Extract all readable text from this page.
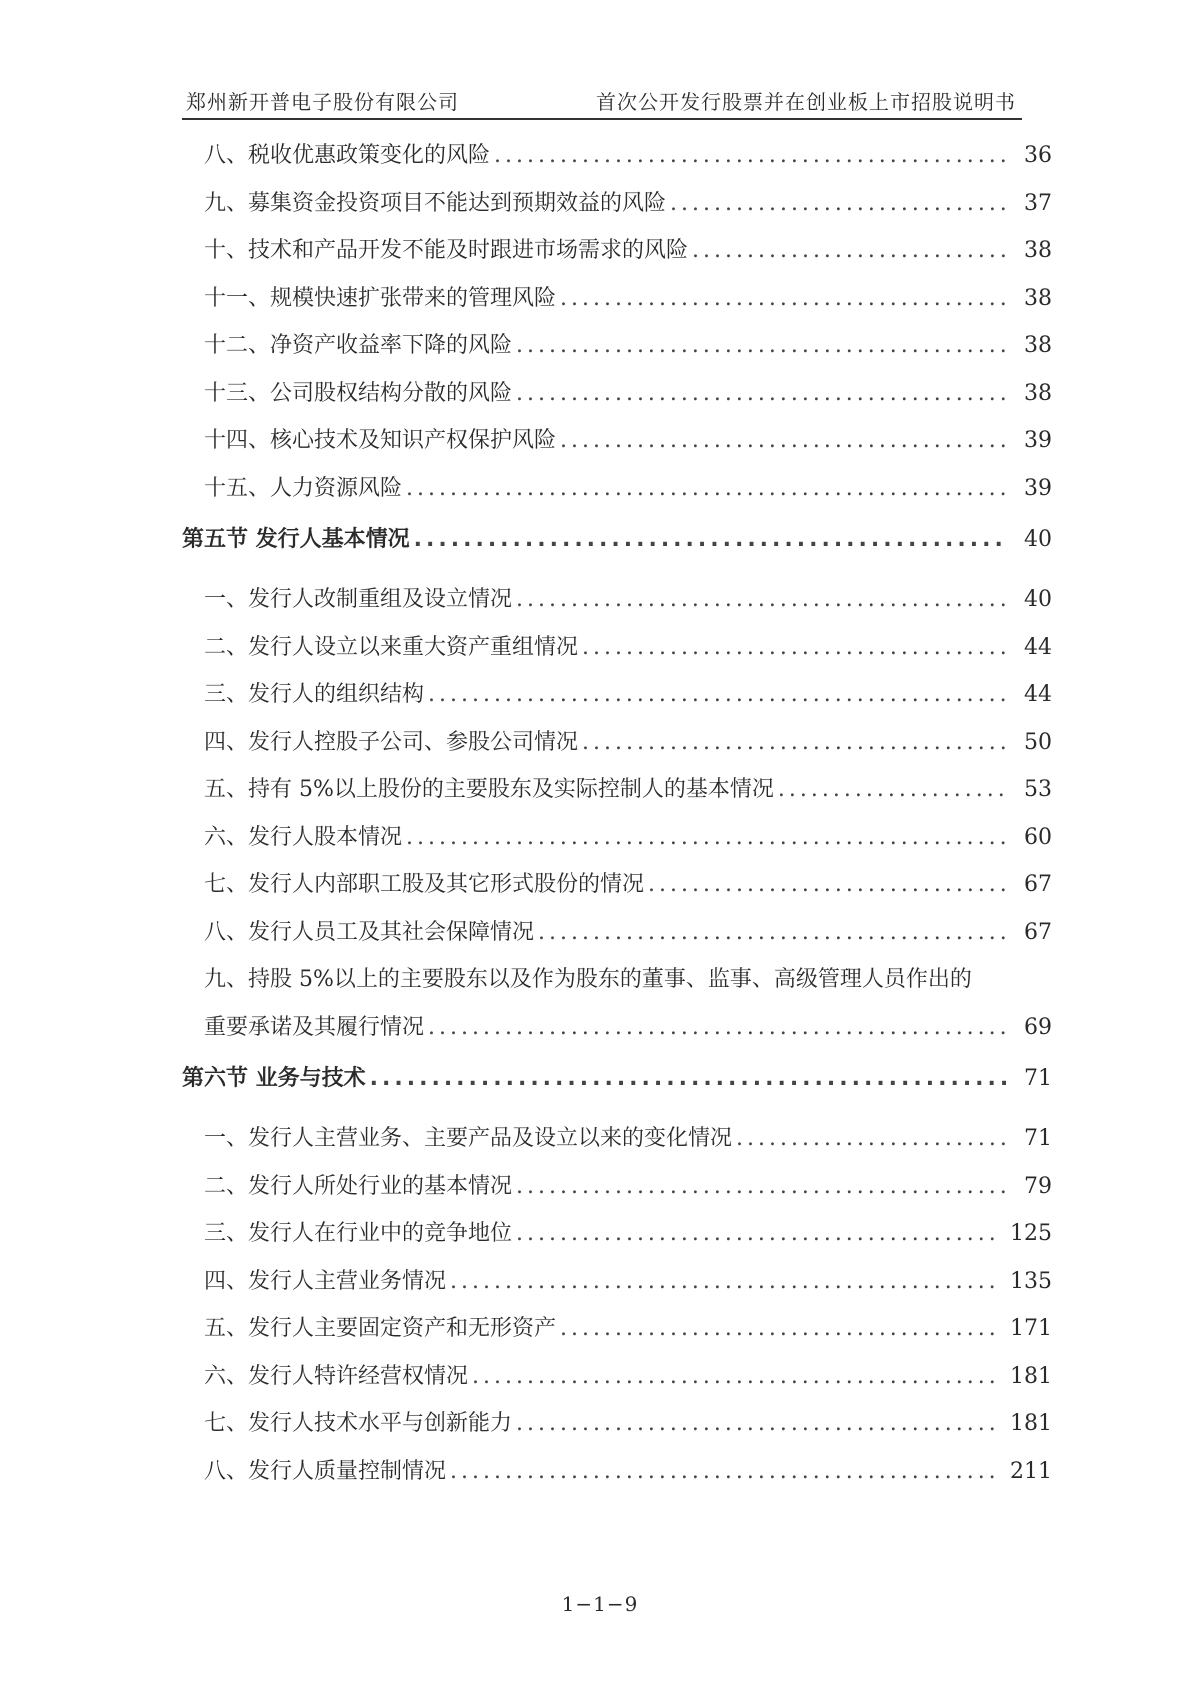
郑州新开普电子股份有限公司	首次公开发行股票并在创业板上市招股说明书
八、税收优惠政策变化的风险 .....	36
九、募集资金投资项目不能达到预期效益的风险 .....	37
十、技术和产品开发不能及时跟进市场需求的风险 .....	38
十一、规模快速扩张带来的管理风险 .....	38
十二、净资产收益率下降的风险 .....	38
十三、公司股权结构分散的风险 .....	38
十四、核心技术及知识产权保护风险 .....	39
十五、人力资源风险 .....	39
第五节 发行人基本情况 .....	40
一、发行人改制重组及设立情况 .....	40
二、发行人设立以来重大资产重组情况 .....	44
三、发行人的组织结构 .....	44
四、发行人控股子公司、参股公司情况 .....	50
五、持有 5%以上股份的主要股东及实际控制人的基本情况 .....	53
六、发行人股本情况 .....	60
七、发行人内部职工股及其它形式股份的情况 .....	67
八、发行人员工及其社会保障情况 .....	67
九、持股 5%以上的主要股东以及作为股东的董事、监事、高级管理人员作出的
重要承诺及其履行情况 .....	69
第六节 业务与技术 .....	71
一、发行人主营业务、主要产品及设立以来的变化情况 .....	71
二、发行人所处行业的基本情况 .....	79
三、发行人在行业中的竞争地位 .....	125
四、发行人主营业务情况 .....	135
五、发行人主要固定资产和无形资产 .....	171
六、发行人特许经营权情况 .....	181
七、发行人技术水平与创新能力 .....	181
八、发行人质量控制情况 .....	211
1−1−9
